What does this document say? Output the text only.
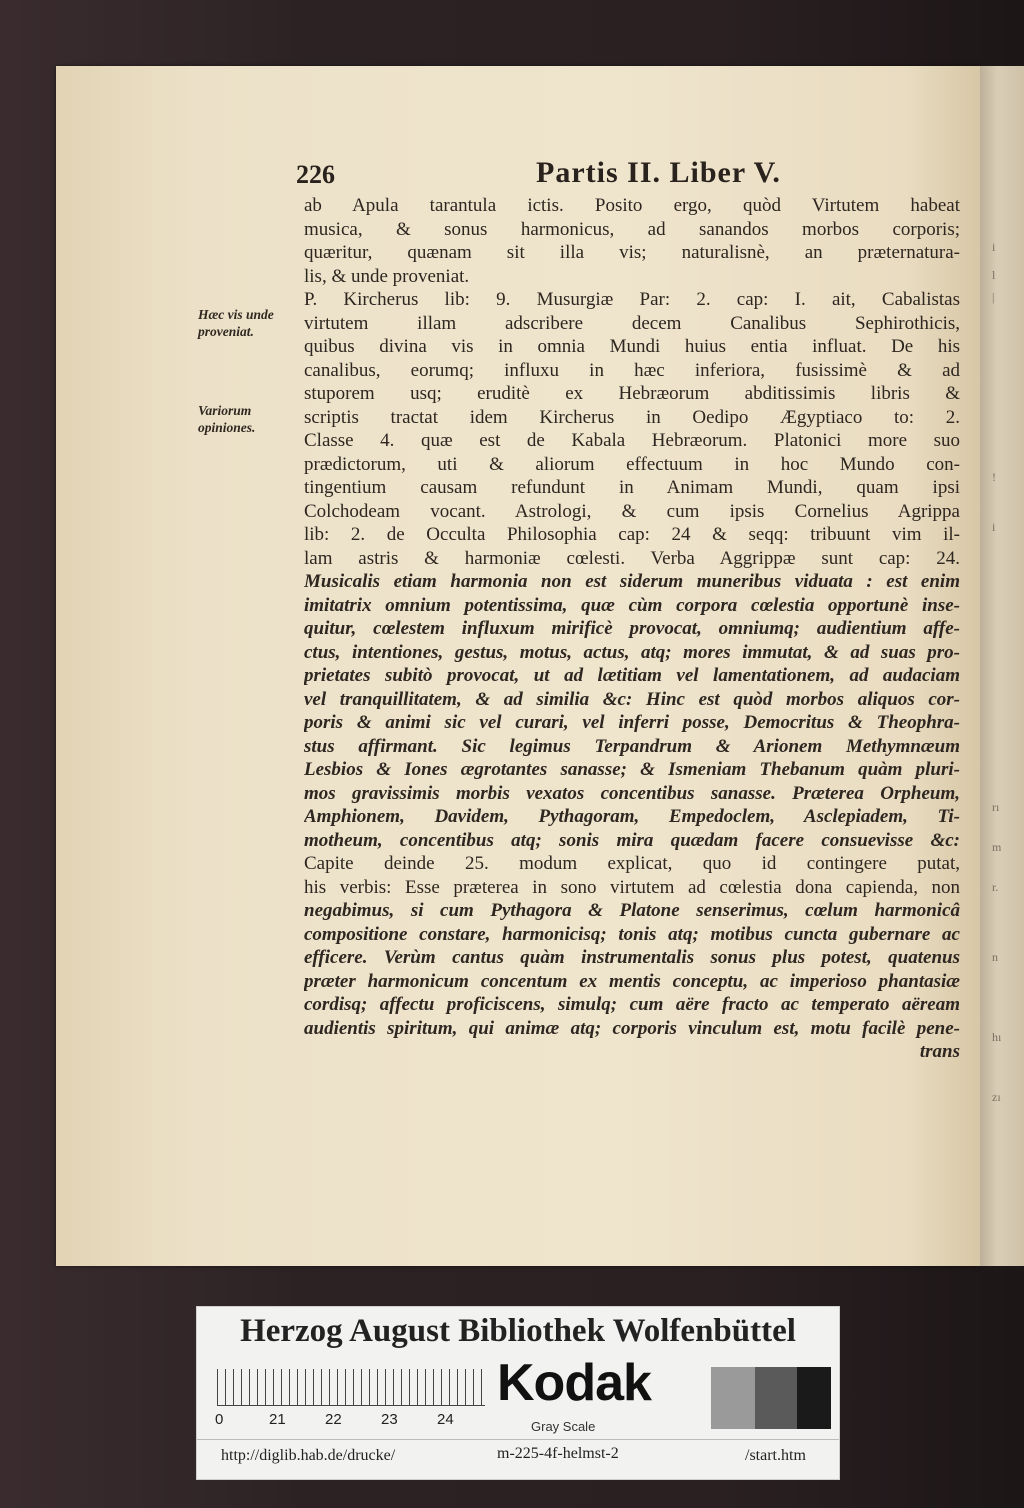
i
l
|
!
i
rı
m
r.
n
hı
zı
226	Partis II. Liber V.
Hæc vis unde proveniat.
Variorum opiniones.
ab Apula tarantula ictis. Posito ergo, quòd Virtutem habeat
musica, & sonus harmonicus, ad sanandos morbos corporis;
quæritur, quænam sit illa vis; naturalisnè, an præternatura-
lis, & unde proveniat.
P. Kircherus lib: 9. Musurgiæ Par: 2. cap: I. ait, Cabalistas
virtutem illam adscribere decem Canalibus Sephirothicis,
quibus divina vis in omnia Mundi huius entia influat. De his
canalibus, eorumq; influxu in hæc inferiora, fusissimè & ad
stuporem usq; eruditè ex Hebræorum abditissimis libris &
scriptis tractat idem Kircherus in Oedipo Ægyptiaco to: 2.
Classe 4. quæ est de Kabala Hebræorum. Platonici more suo
prædictorum, uti & aliorum effectuum in hoc Mundo con-
tingentium causam refundunt in Animam Mundi, quam ipsi
Colchodeam vocant. Astrologi, & cum ipsis Cornelius Agrippa
lib: 2. de Occulta Philosophia cap: 24 & seqq: tribuunt vim il-
lam astris & harmoniæ cœlesti. Verba Aggrippæ sunt cap: 24.
Musicalis etiam harmonia non est siderum muneribus viduata : est enim
imitatrix omnium potentissima, quæ cùm corpora cœlestia opportunè inse-
quitur, cœlestem influxum mirificè provocat, omniumq; audientium affe-
ctus, intentiones, gestus, motus, actus, atq; mores immutat, & ad suas pro-
prietates subitò provocat, ut ad lætitiam vel lamentationem, ad audaciam
vel tranquillitatem, & ad similia &c: Hinc est quòd morbos aliquos cor-
poris & animi sic vel curari, vel inferri posse, Democritus & Theophra-
stus affirmant. Sic legimus Terpandrum & Arionem Methymnæum
Lesbios & Iones ægrotantes sanasse; & Ismeniam Thebanum quàm pluri-
mos gravissimis morbis vexatos concentibus sanasse. Præterea Orpheum,
Amphionem, Davidem, Pythagoram, Empedoclem, Asclepiadem, Ti-
motheum, concentibus atq; sonis mira quædam facere consuevisse &c:
Capite deinde 25. modum explicat, quo id contingere putat,
his verbis: Esse præterea in sono virtutem ad cœlestia dona capienda, non
negabimus, si cum Pythagora & Platone senserimus, cœlum harmonicâ
compositione constare, harmonicisq; tonis atq; motibus cuncta gubernare ac
efficere. Verùm cantus quàm instrumentalis sonus plus potest, quatenus
præter harmonicum concentum ex mentis conceptu, ac imperioso phantasiæ
cordisq; affectu proficiscens, simulq; cum aëre fracto ac temperato aëream
audientis spiritum, qui animæ atq; corporis vinculum est, motu facilè pene-
trans
Herzog August Bibliothek Wolfenbüttel
0	21	22	23	24
Kodak
Gray Scale
http://diglib.hab.de/drucke/	m-225-4f-helmst-2	/start.htm
